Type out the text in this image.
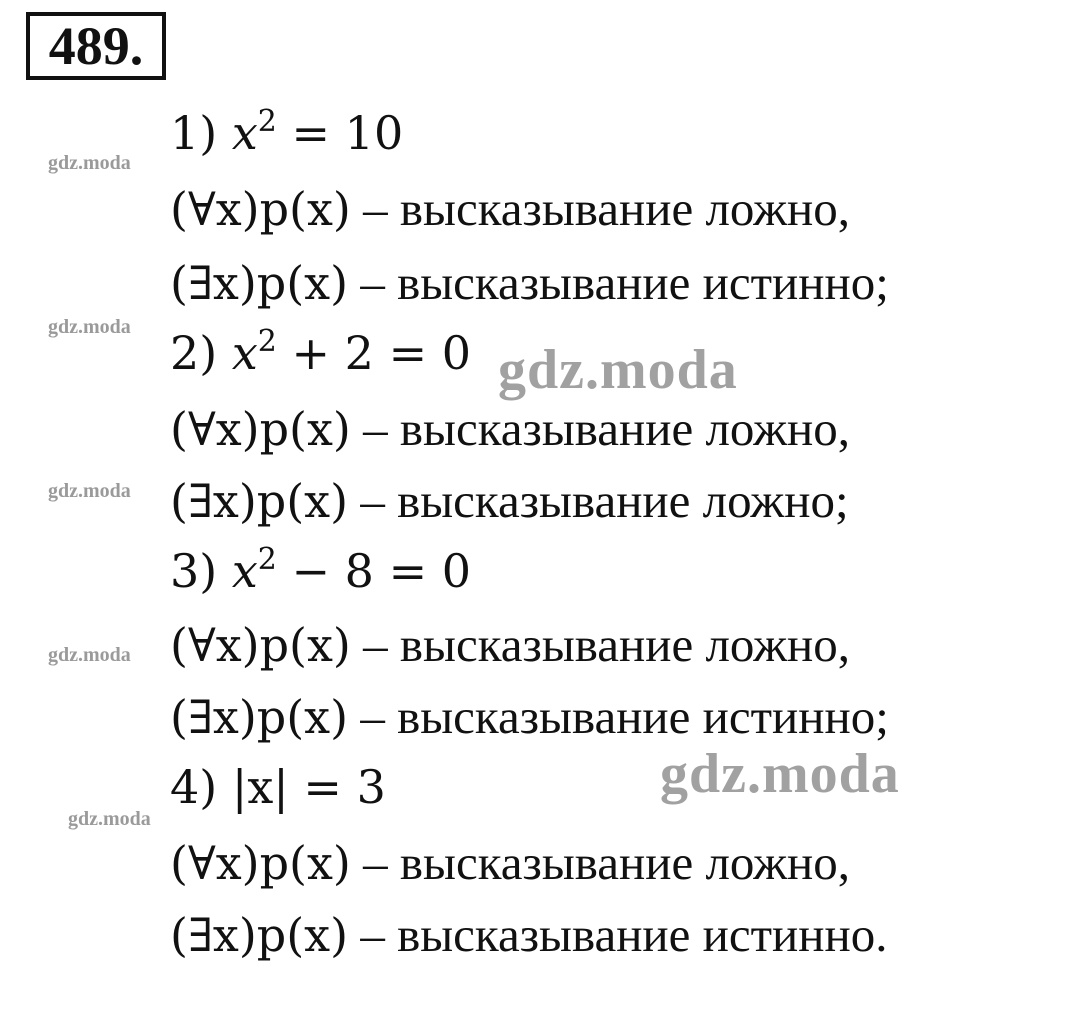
489.
gdz.moda
gdz.moda
gdz.moda
gdz.moda
gdz.moda
1) $x^2 = 10$
(∀x)p(x) – высказывание ложно,
(∃x)p(x) – высказывание истинно;
2) $x^2 + 2 = 0$
(∀x)p(x) – высказывание ложно,
(∃x)p(x) – высказывание ложно;
3) $x^2 - 8 = 0$
(∀x)p(x) – высказывание ложно,
(∃x)p(x) – высказывание истинно;
4) |x| = 3
(∀x)p(x) – высказывание ложно,
(∃x)p(x) – высказывание истинно.
gdz.moda
gdz.moda
